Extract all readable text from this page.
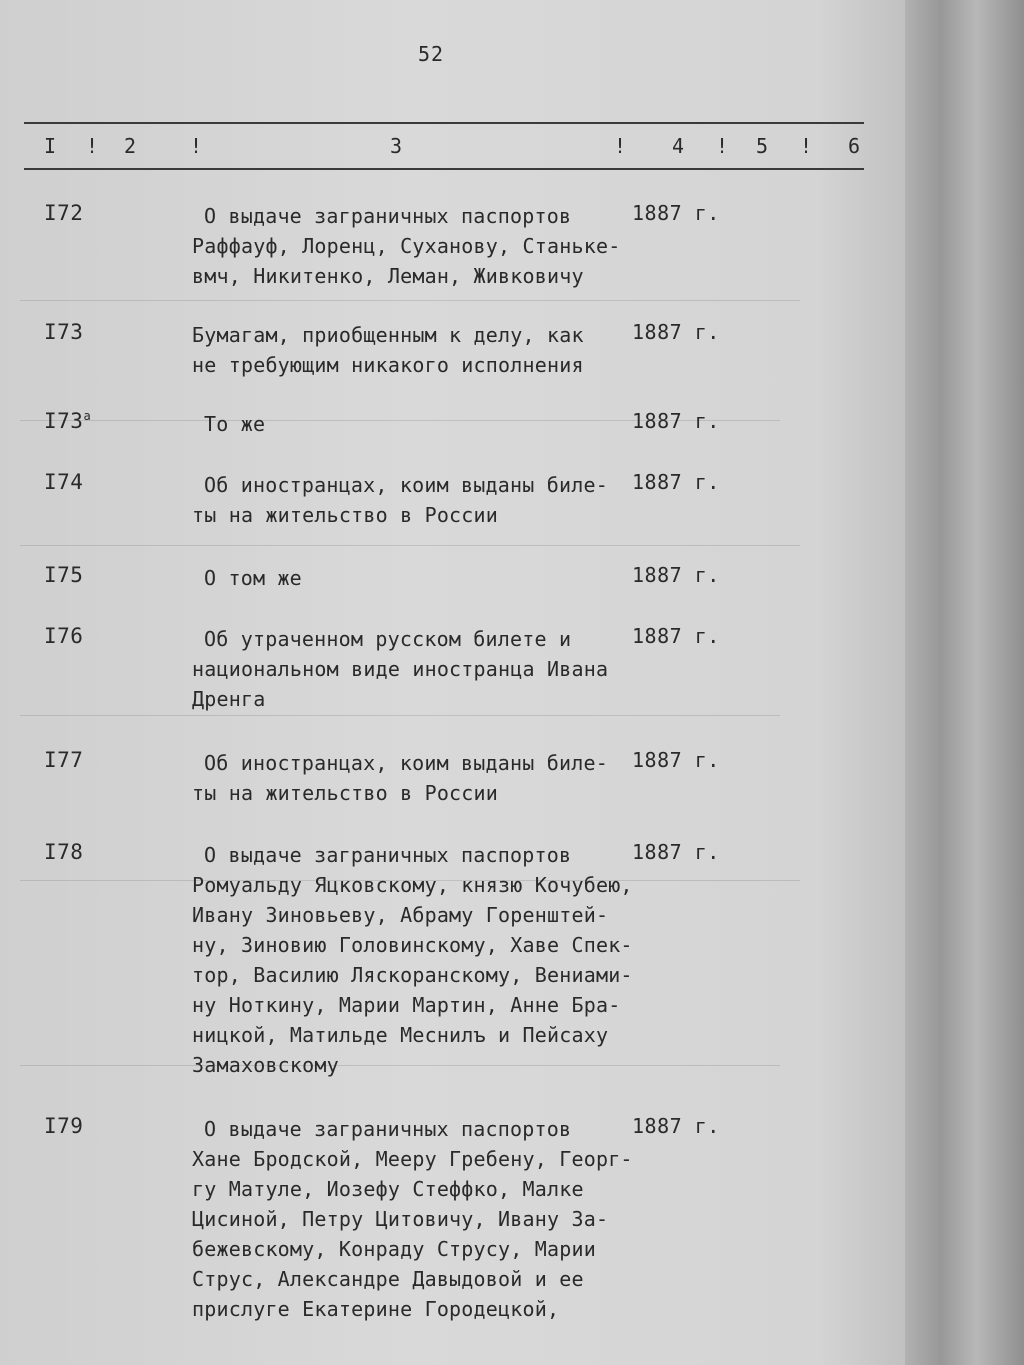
52
I ! 2	!	3	! 4 ! 5 ! 6
I72	О выдаче заграничных паспортов
Раффауф, Лоренц, Суханову, Станьке-
вмч, Никитенко, Леман, Живковичу
1887 г.
I73	Бумагам, приобщенным к делу, как
не требующим никакого исполнения
1887 г.
$I73^а$	То же	1887 г.
I74	Об иностранцах, коим выданы биле-
ты на жительство в России
1887 г.
I75	О том же	1887 г.
I76	Об утраченном русском билете и
национальном виде иностранца Ивана
Дренга
1887 г.
I77	Об иностранцах, коим выданы биле-
ты на жительство в России
1887 г.
I78	О выдаче заграничных паспортов
Ромуальду Яцковскому, князю Кочубею,
Ивану Зиновьеву, Абраму Горенштей-
ну, Зиновию Головинскому, Хаве Спек-
тор, Василию Ляскоранскому, Вениами-
ну Ноткину, Марии Мартин, Анне Бра-
ницкой, Матильде Меснилъ и Пейсаху
Замаховскому
1887 г.
I79	О выдаче заграничных паспортов
Хане Бродской, Мееру Гребену, Георг-
гу Матуле, Иозефу Стеффко, Малке
Цисиной, Петру Цитовичу, Ивану За-
бежевскому, Конраду Струсу, Марии
Струс, Александре Давыдовой и ее
прислуге Екатерине Городецкой,
1887 г.
